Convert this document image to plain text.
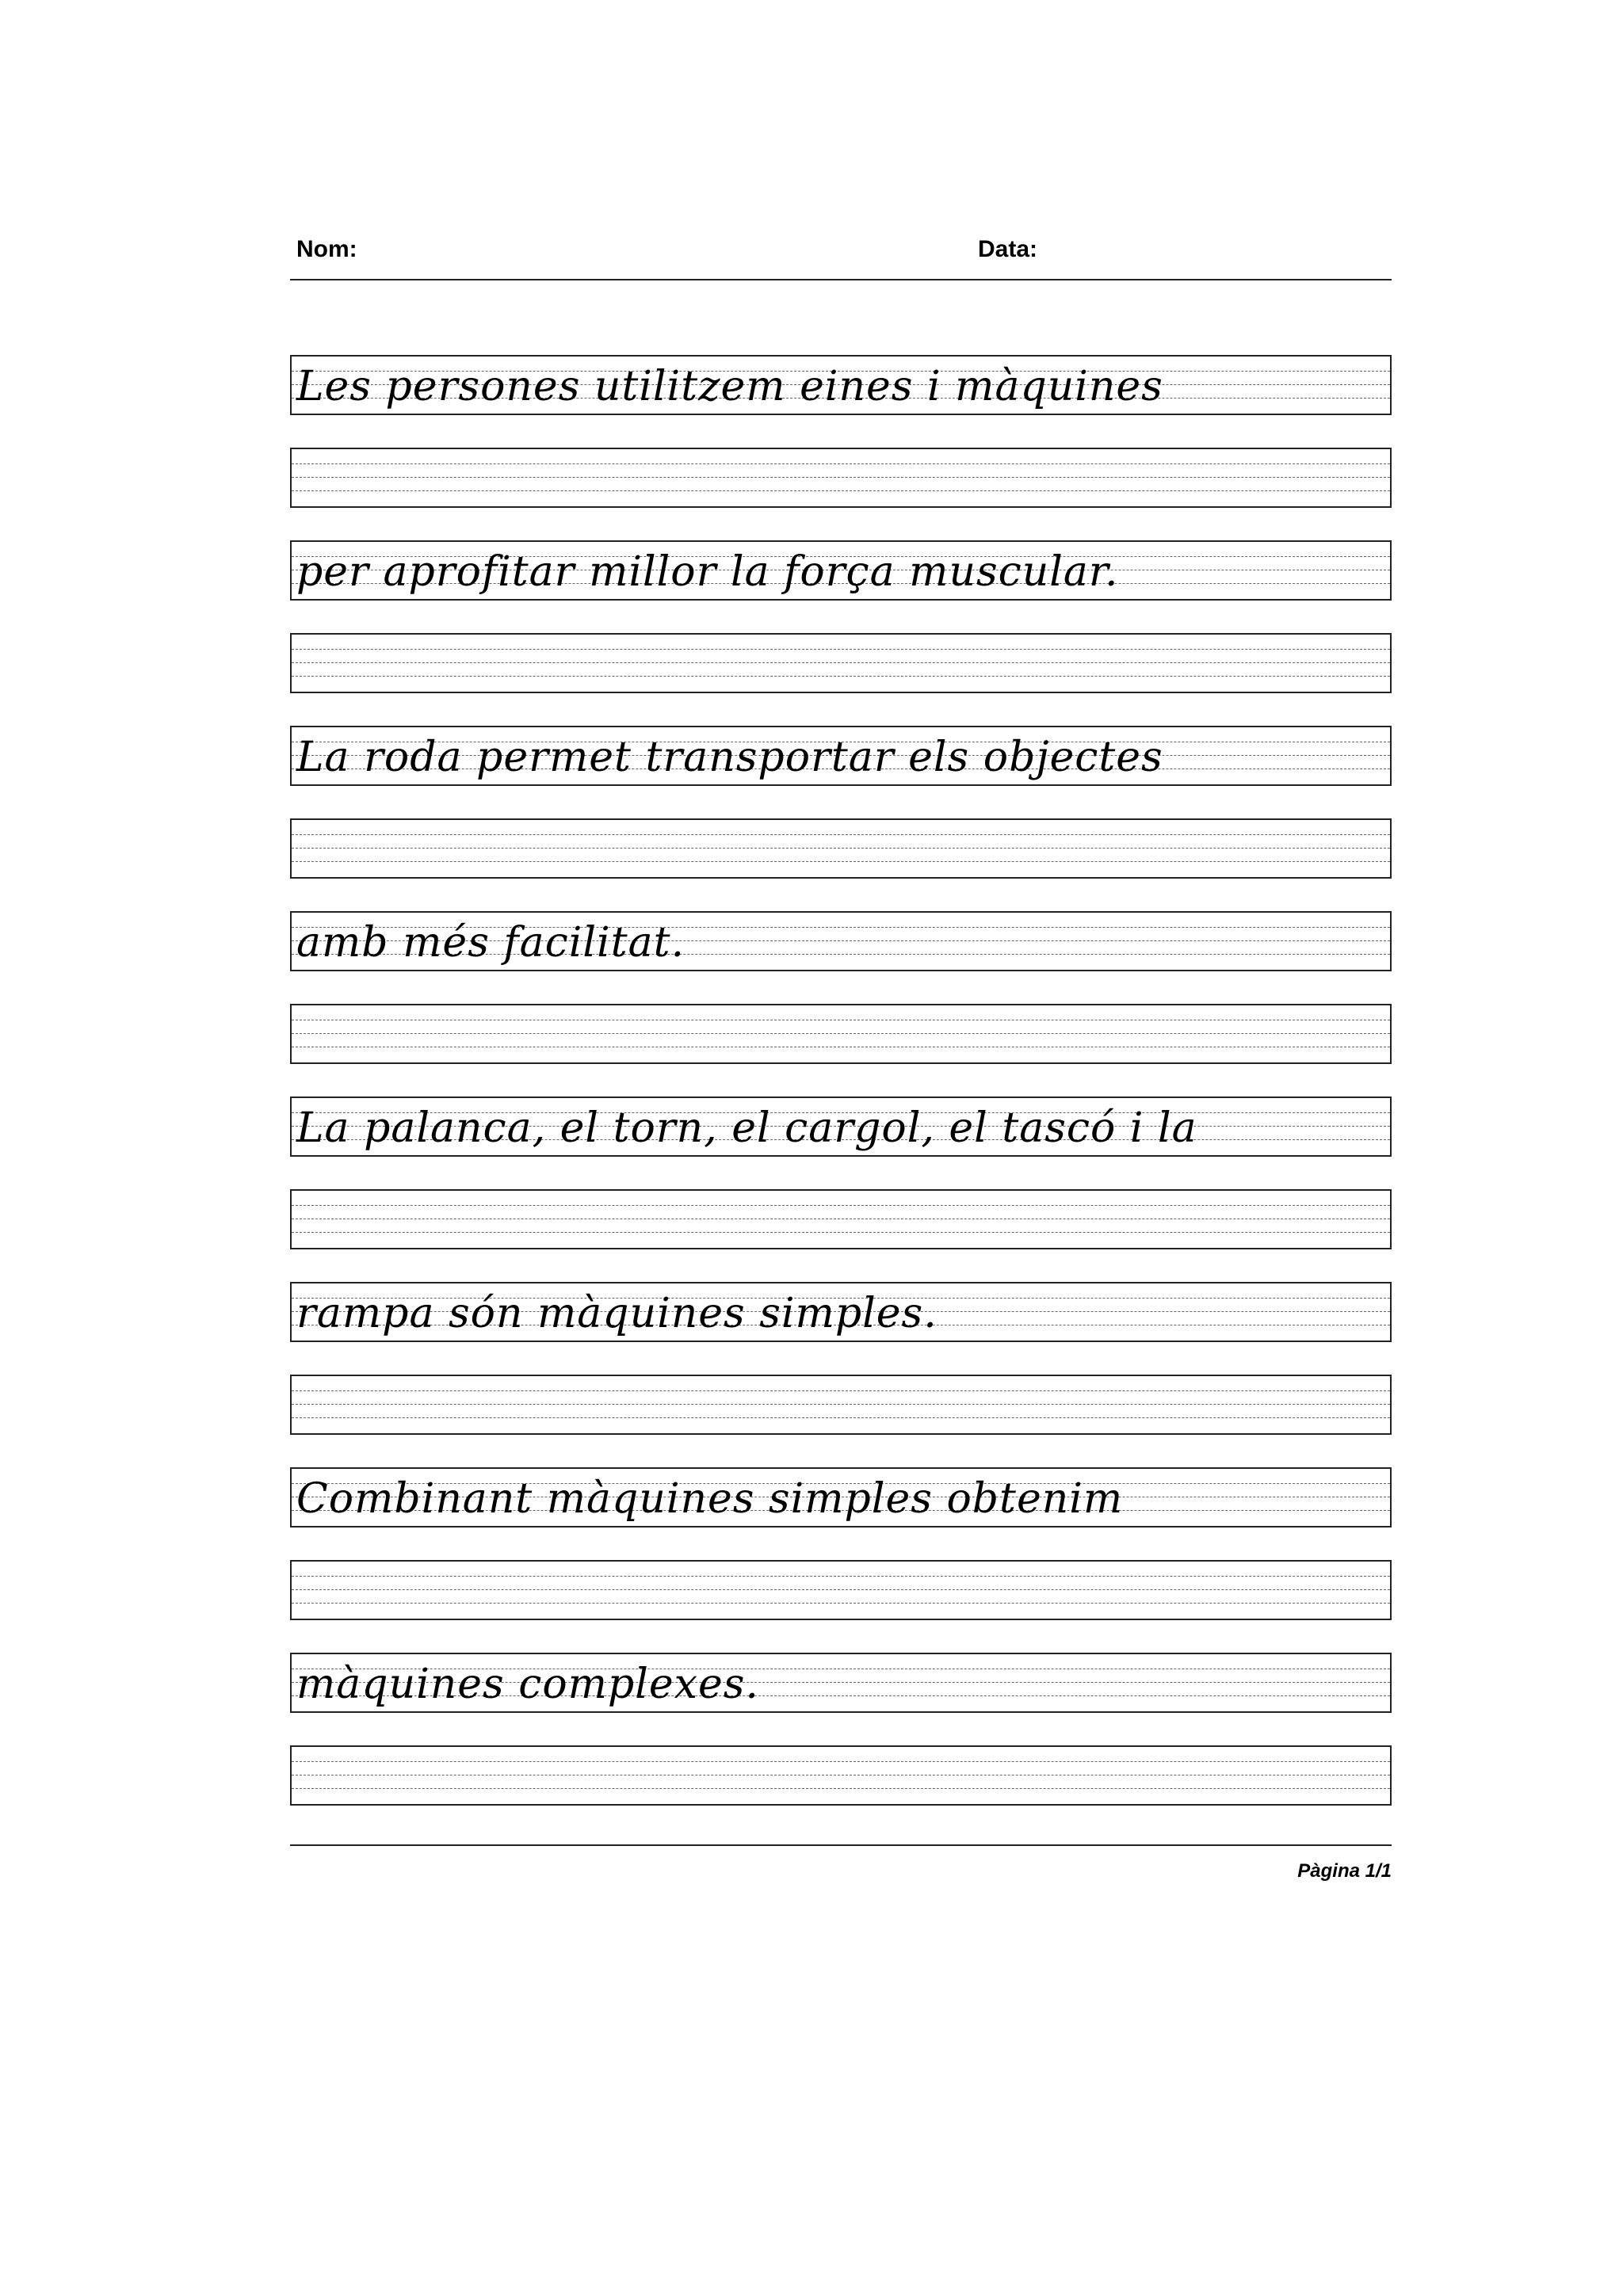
Nom:	Data:
Les persones utilitzem eines i màquines
per aprofitar millor la força muscular.
La roda permet transportar els objectes
amb més facilitat.
La palanca, el torn, el cargol, el tascó i la
rampa són màquines simples.
Combinant màquines simples obtenim
màquines complexes.
Pàgina 1/1
